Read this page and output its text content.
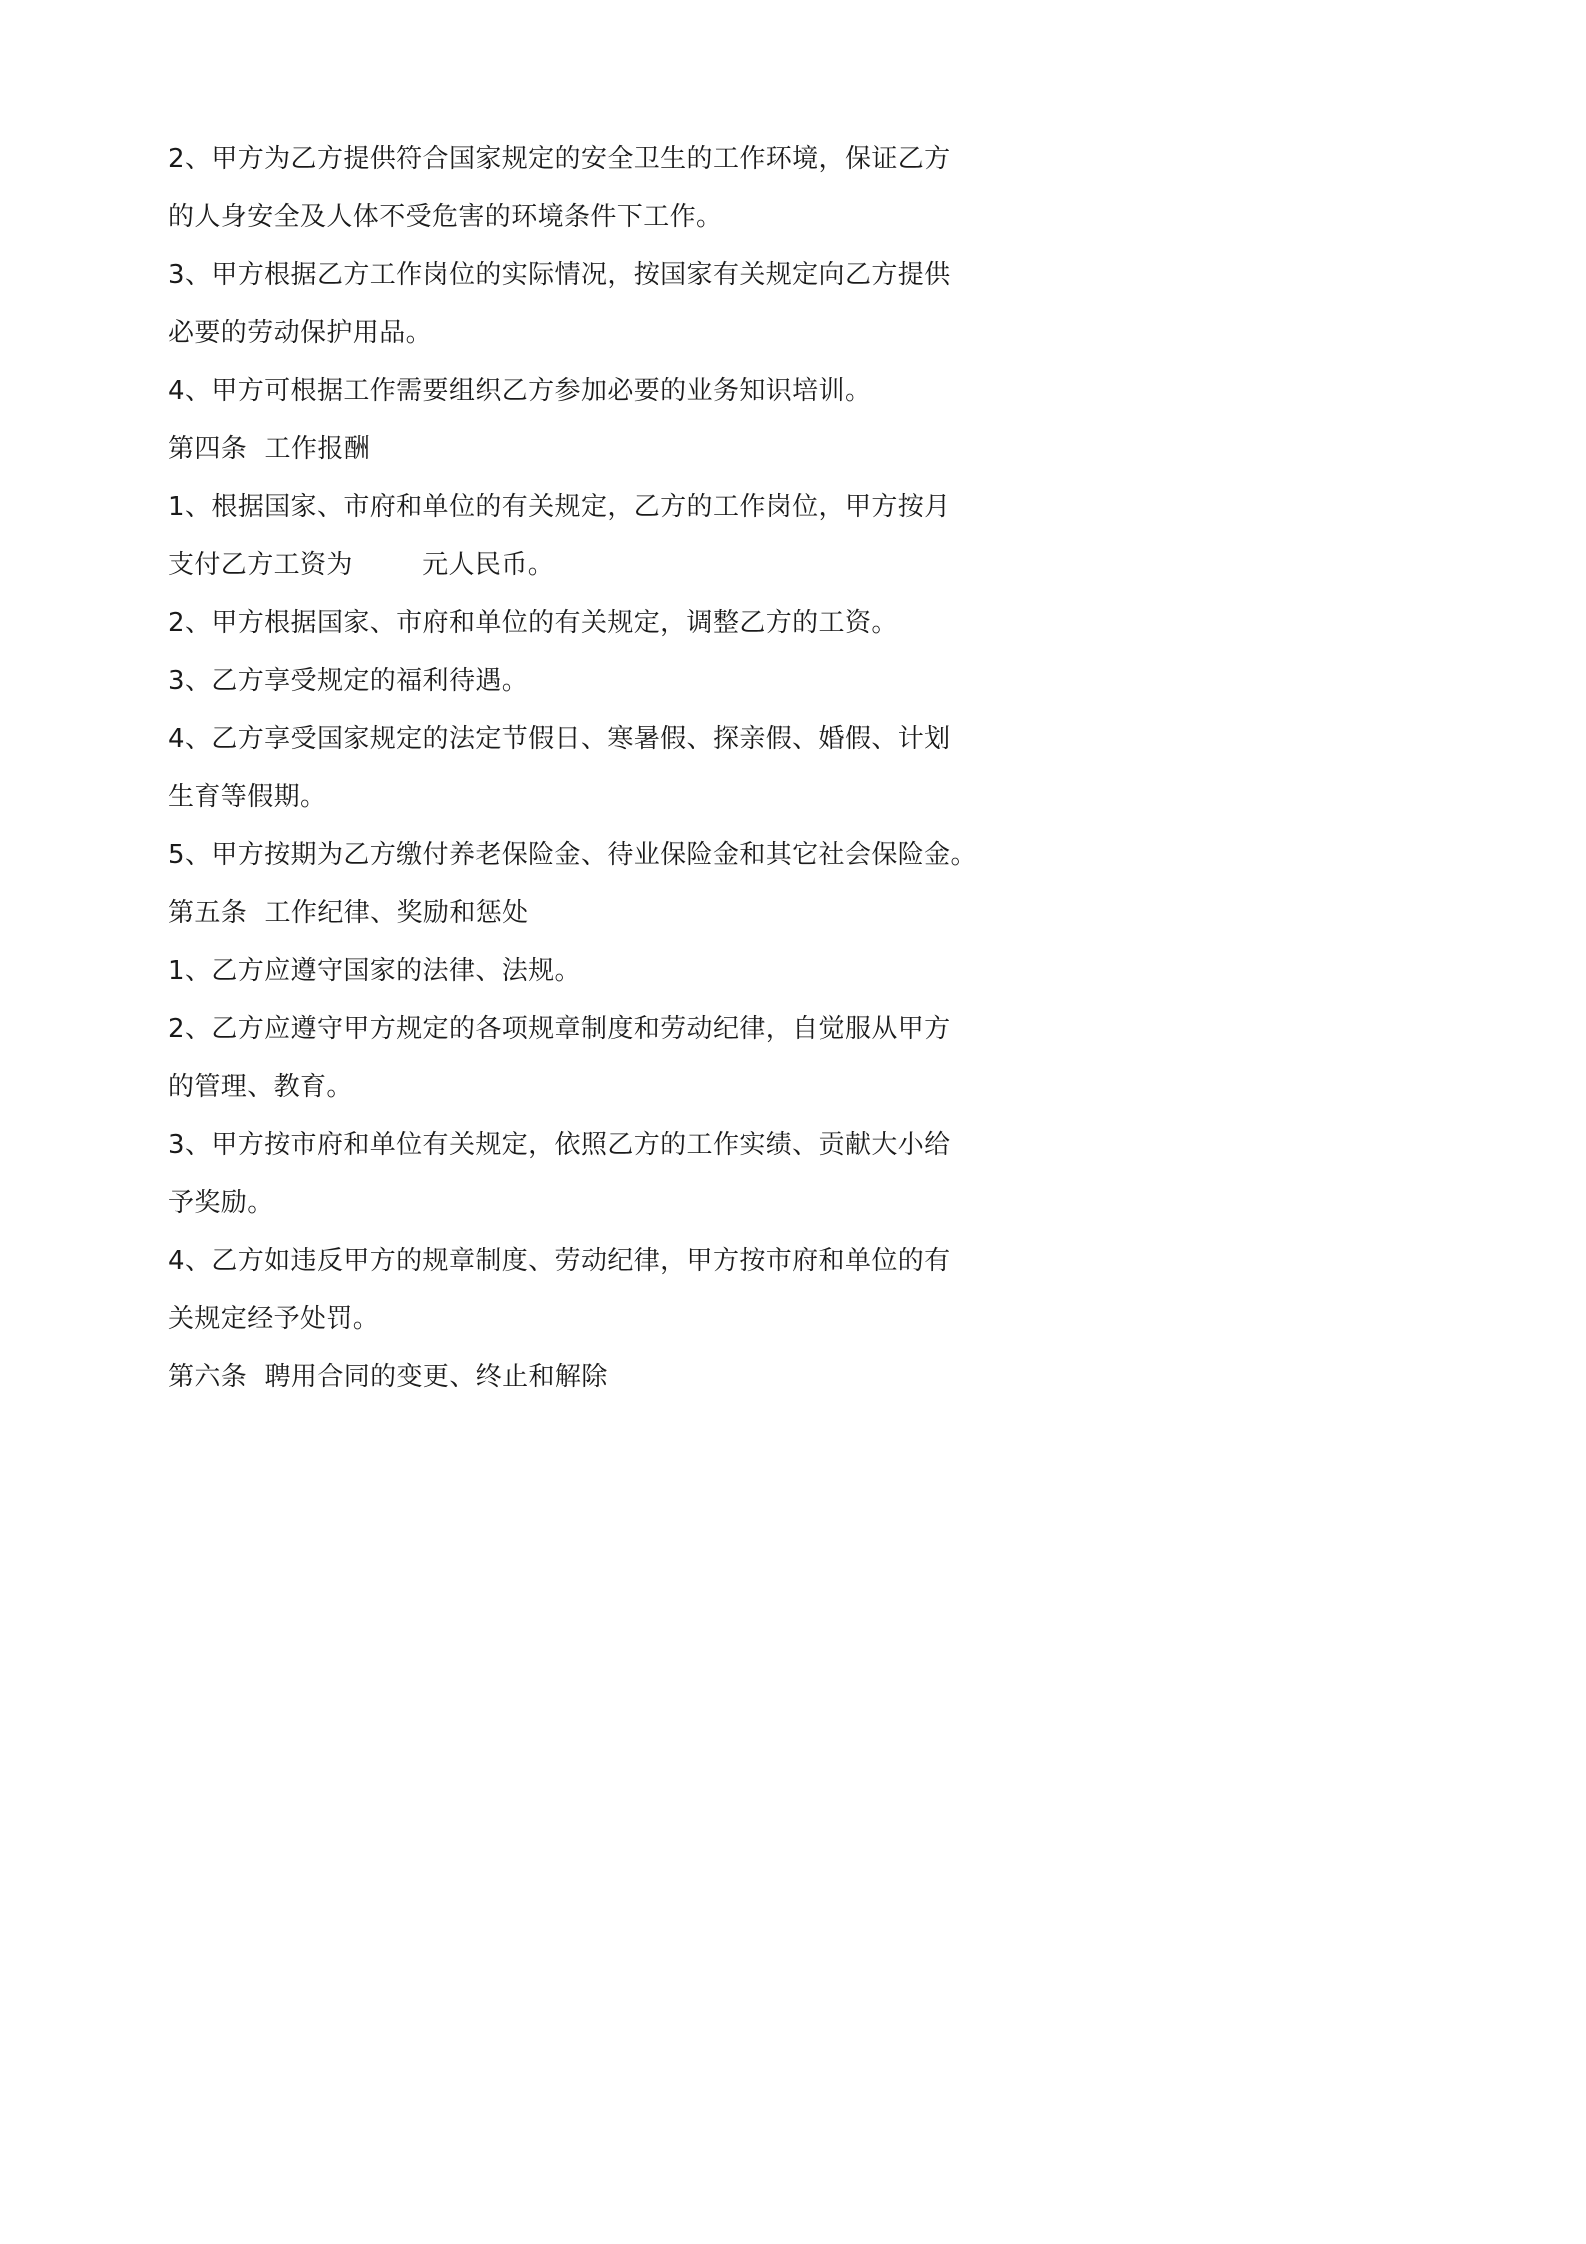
2、甲方为乙方提供符合国家规定的安全卫生的工作环境，保证乙方
的人身安全及人体不受危害的环境条件下工作。
3、甲方根据乙方工作岗位的实际情况，按国家有关规定向乙方提供
必要的劳动保护用品。
4、甲方可根据工作需要组织乙方参加必要的业务知识培训。
第四条  工作报酬
1、根据国家、市府和单位的有关规定，乙方的工作岗位，甲方按月
支付乙方工资为        元人民币。
2、甲方根据国家、市府和单位的有关规定，调整乙方的工资。
3、乙方享受规定的福利待遇。
4、乙方享受国家规定的法定节假日、寒暑假、探亲假、婚假、计划
生育等假期。
5、甲方按期为乙方缴付养老保险金、待业保险金和其它社会保险金。
第五条  工作纪律、奖励和惩处
1、乙方应遵守国家的法律、法规。
2、乙方应遵守甲方规定的各项规章制度和劳动纪律，自觉服从甲方
的管理、教育。
3、甲方按市府和单位有关规定，依照乙方的工作实绩、贡献大小给
予奖励。
4、乙方如违反甲方的规章制度、劳动纪律，甲方按市府和单位的有
关规定经予处罚。
第六条  聘用合同的变更、终止和解除
